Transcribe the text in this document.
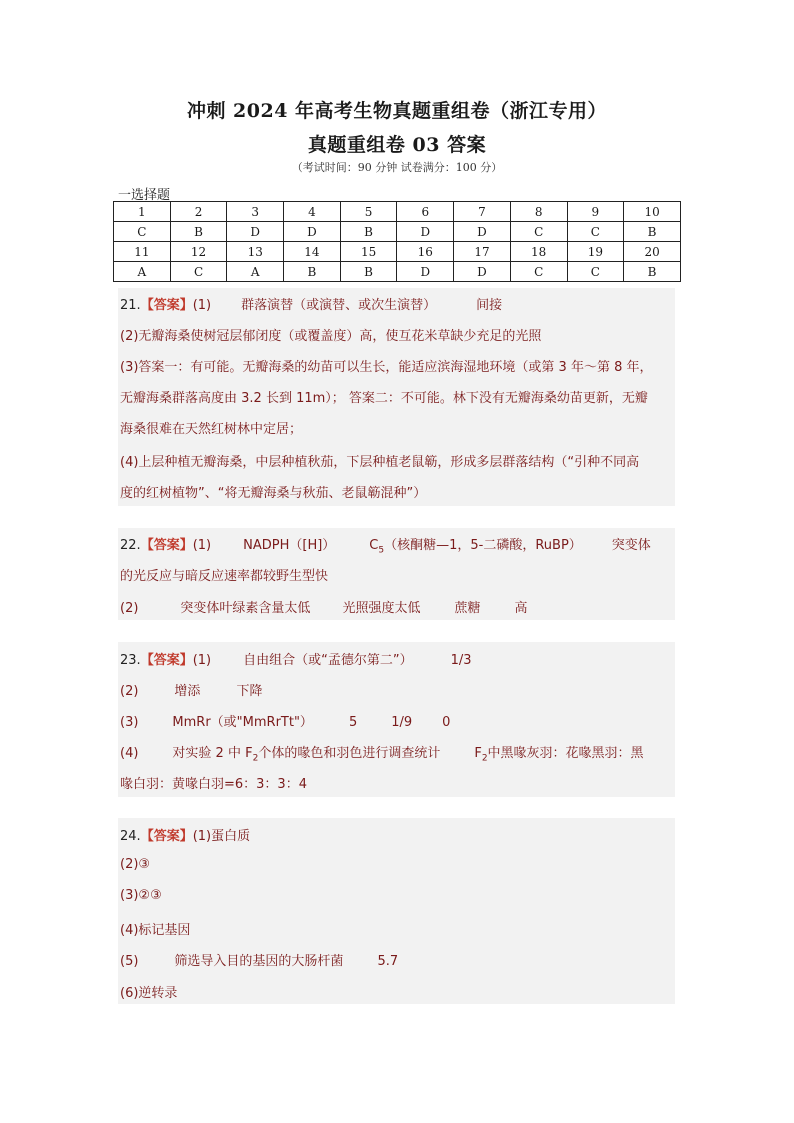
冲刺 2024 年高考生物真题重组卷（浙江专用）
真题重组卷 03 答案
（考试时间：90 分钟 试卷满分：100 分）
一选择题
1	2	3	4	5	6	7	8	9	10
C	B	D	D	B	D	D	C	C	B
11	12	13	14	15	16	17	18	19	20
A	C	A	B	B	D	D	C	C	B
21.【答案】(1) 群落演替（或演替、或次生演替）	间接
(2)无瓣海桑使树冠层郁闭度（或覆盖度）高，使互花米草缺少充足的光照
(3)答案一：有可能。无瓣海桑的幼苗可以生长，能适应滨海湿地环境（或第 3 年～第 8 年，
无瓣海桑群落高度由 3.2 长到 11m）； 答案二：不可能。林下没有无瓣海桑幼苗更新，无瓣
海桑很难在天然红树林中定居；
(4)上层种植无瓣海桑，中层种植秋茄，下层种植老鼠簕，形成多层群落结构（“引种不同高
度的红树植物”、“将无瓣海桑与秋茄、老鼠簕混种”）
22.【答案】(1) NADPH（[H]）	$C_5$（核酮糖—1，5-二磷酸，RuBP） 突变体
的光反应与暗反应速率都较野生型快
(2)	突变体叶绿素含量太低 光照强度太低	蔗糖	高
23.【答案】(1) 自由组合（或“孟德尔第二”）	1/3
(2)	增添	下降
(3)	MmRr（或"MmRrTt"）	5	1/9 0
(4)	对实验 2 中 $F_2$个体的喙色和羽色进行调查统计	$F_2$中黑喙灰羽：花喙黑羽：黑
喙白羽：黄喙白羽=6：3：3：4
24.【答案】(1)蛋白质
(2)③
(3)②③
(4)标记基因
(5)	筛选导入目的基因的大肠杆菌	5.7
(6)逆转录
